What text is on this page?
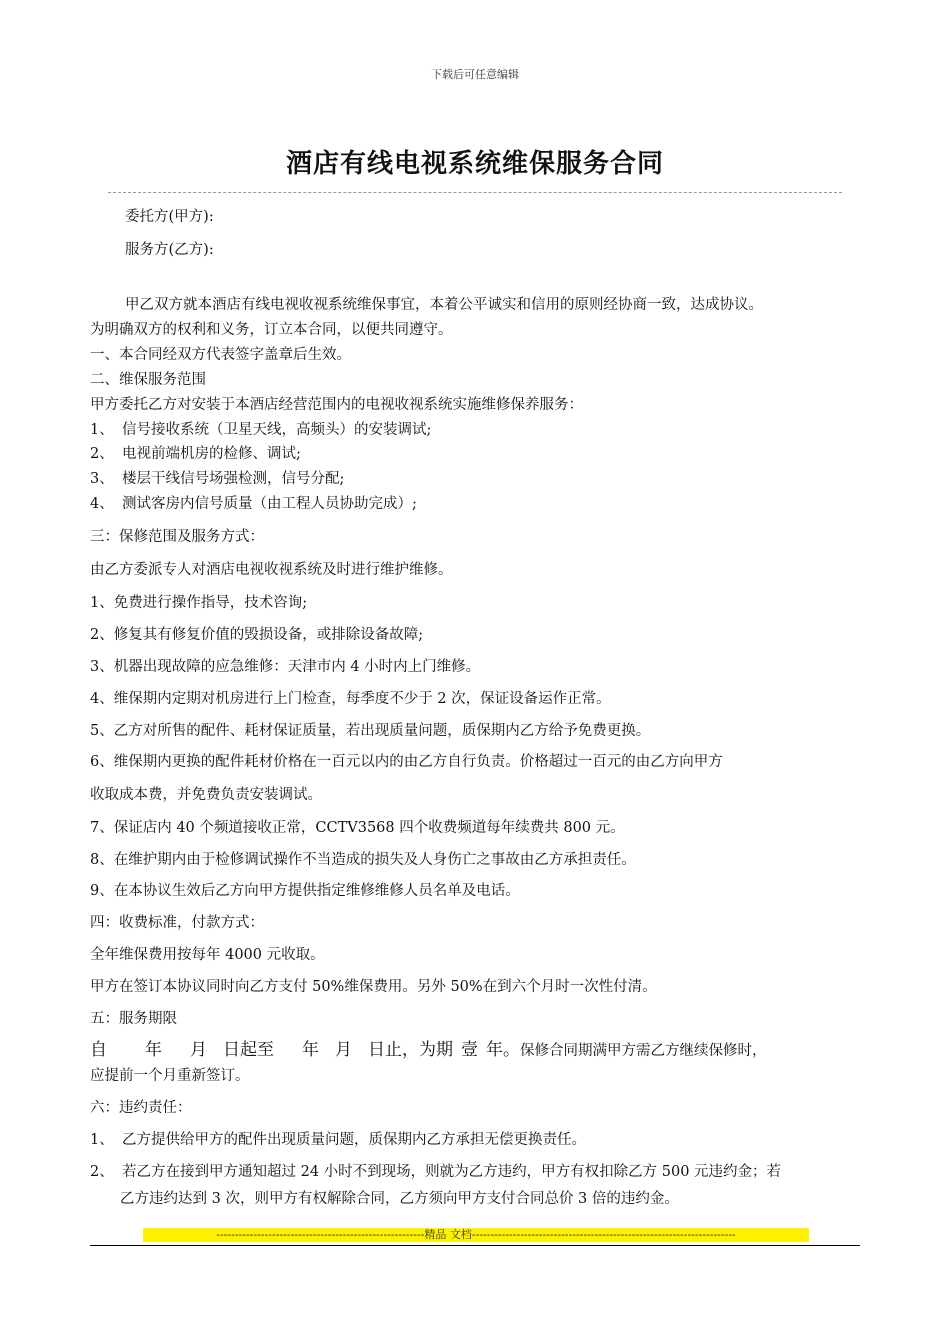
下载后可任意编辑
酒店有线电视系统维保服务合同
委托方(甲方):
服务方(乙方):
甲乙双方就本酒店有线电视收视系统维保事宜，本着公平诚实和信用的原则经协商一致，达成协议。
为明确双方的权利和义务，订立本合同，以便共同遵守。
一、本合同经双方代表签字盖章后生效。
二、维保服务范围
甲方委托乙方对安装于本酒店经营范围内的电视收视系统实施维修保养服务：
1、 信号接收系统（卫星天线，高频头）的安装调试;
2、 电视前端机房的检修、调试;
3、 楼层干线信号场强检测，信号分配;
4、 测试客房内信号质量（由工程人员协助完成）;
三：保修范围及服务方式：
由乙方委派专人对酒店电视收视系统及时进行维护维修。
1、免费进行操作指导，技术咨询;
2、修复其有修复价值的毁损设备，或排除设备故障;
3、机器出现故障的应急维修：天津市内 4 小时内上门维修。
4、维保期内定期对机房进行上门检查，每季度不少于 2 次，保证设备运作正常。
5、乙方对所售的配件、耗材保证质量，若出现质量问题，质保期内乙方给予免费更换。
6、维保期内更换的配件耗材价格在一百元以内的由乙方自行负责。价格超过一百元的由乙方向甲方
收取成本费，并免费负责安装调试。
7、保证店内 40 个频道接收正常，CCTV3568 四个收费频道每年续费共 800 元。
8、在维护期内由于检修调试操作不当造成的损失及人身伤亡之事故由乙方承担责任。
9、在本协议生效后乙方向甲方提供指定维修维修人员名单及电话。
四：收费标准，付款方式：
全年维保费用按每年 4000 元收取。
甲方在签订本协议同时向乙方支付 50%维保费用。另外 50%在到六个月时一次性付清。
五：服务期限
自 年 月 日起至 年 月 日止，为期 壹 年。保修合同期满甲方需乙方继续保修时，
应提前一个月重新签订。
六：违约责任：
1、 乙方提供给甲方的配件出现质量问题，质保期内乙方承担无偿更换责任。
2、 若乙方在接到甲方通知超过 24 小时不到现场，则就为乙方违约，甲方有权扣除乙方 500 元违约金；若
乙方违约达到 3 次，则甲方有权解除合同，乙方须向甲方支付合同总价 3 倍的违约金。
--------------------------------------------------------精品 文档-----------------------------------------------------------------------
